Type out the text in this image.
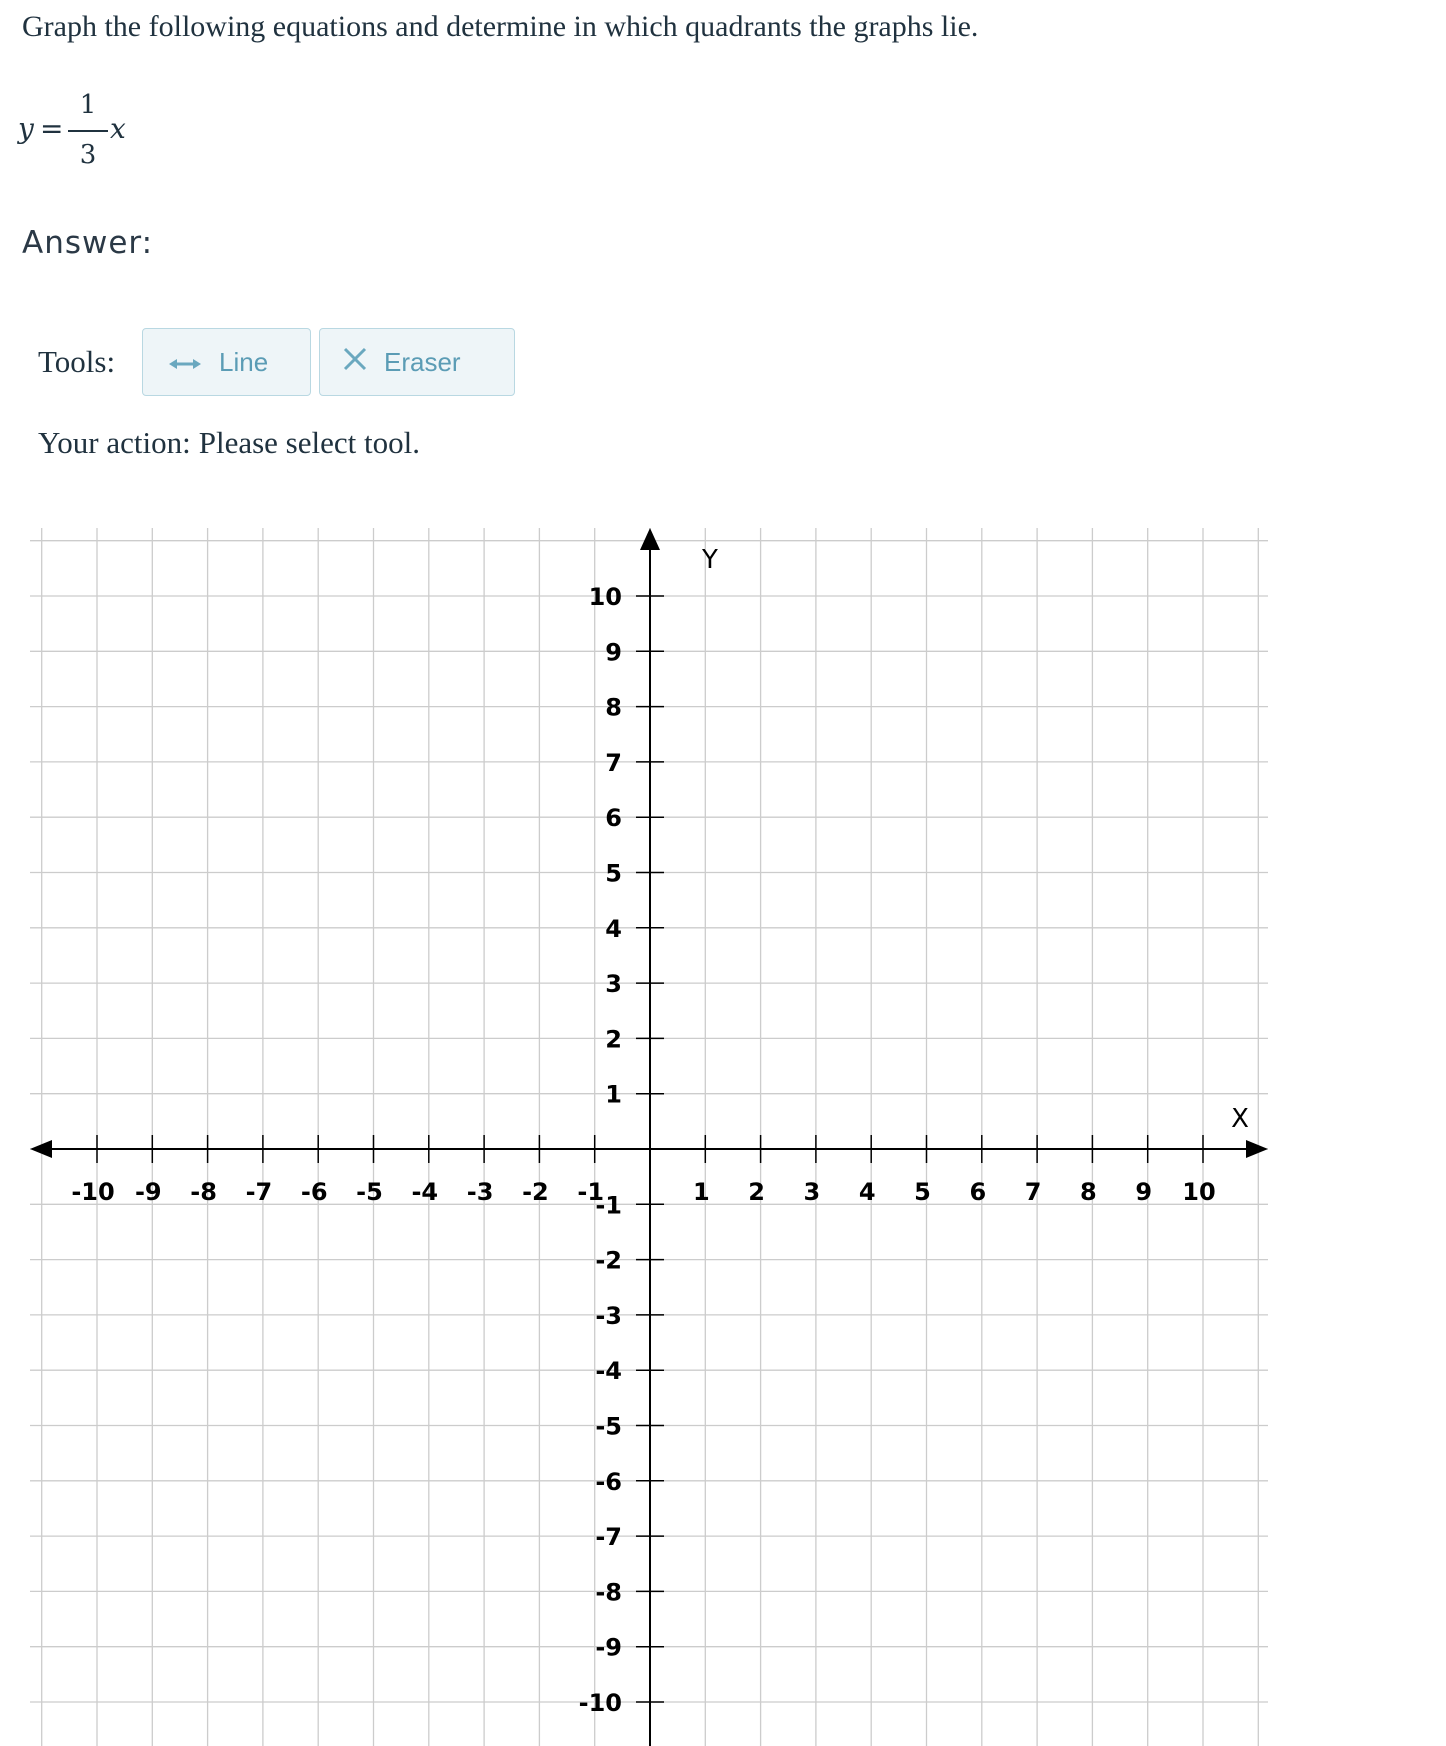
Graph the following equations and determine in which quadrants the graphs lie.
y =
1
3
x
Answer:
Tools:	Line	Eraser
Your action: Please select tool.
-10 -9 -8 -7 -6 -5 -4 -3 -2 -1	1 2 3 4 5 6 7 8 9 10
10
9
8
7
6
5
4
3
2
1
-1
-2
-3
-4
-5
-6
-7
-8
-9
-10
X
Y
